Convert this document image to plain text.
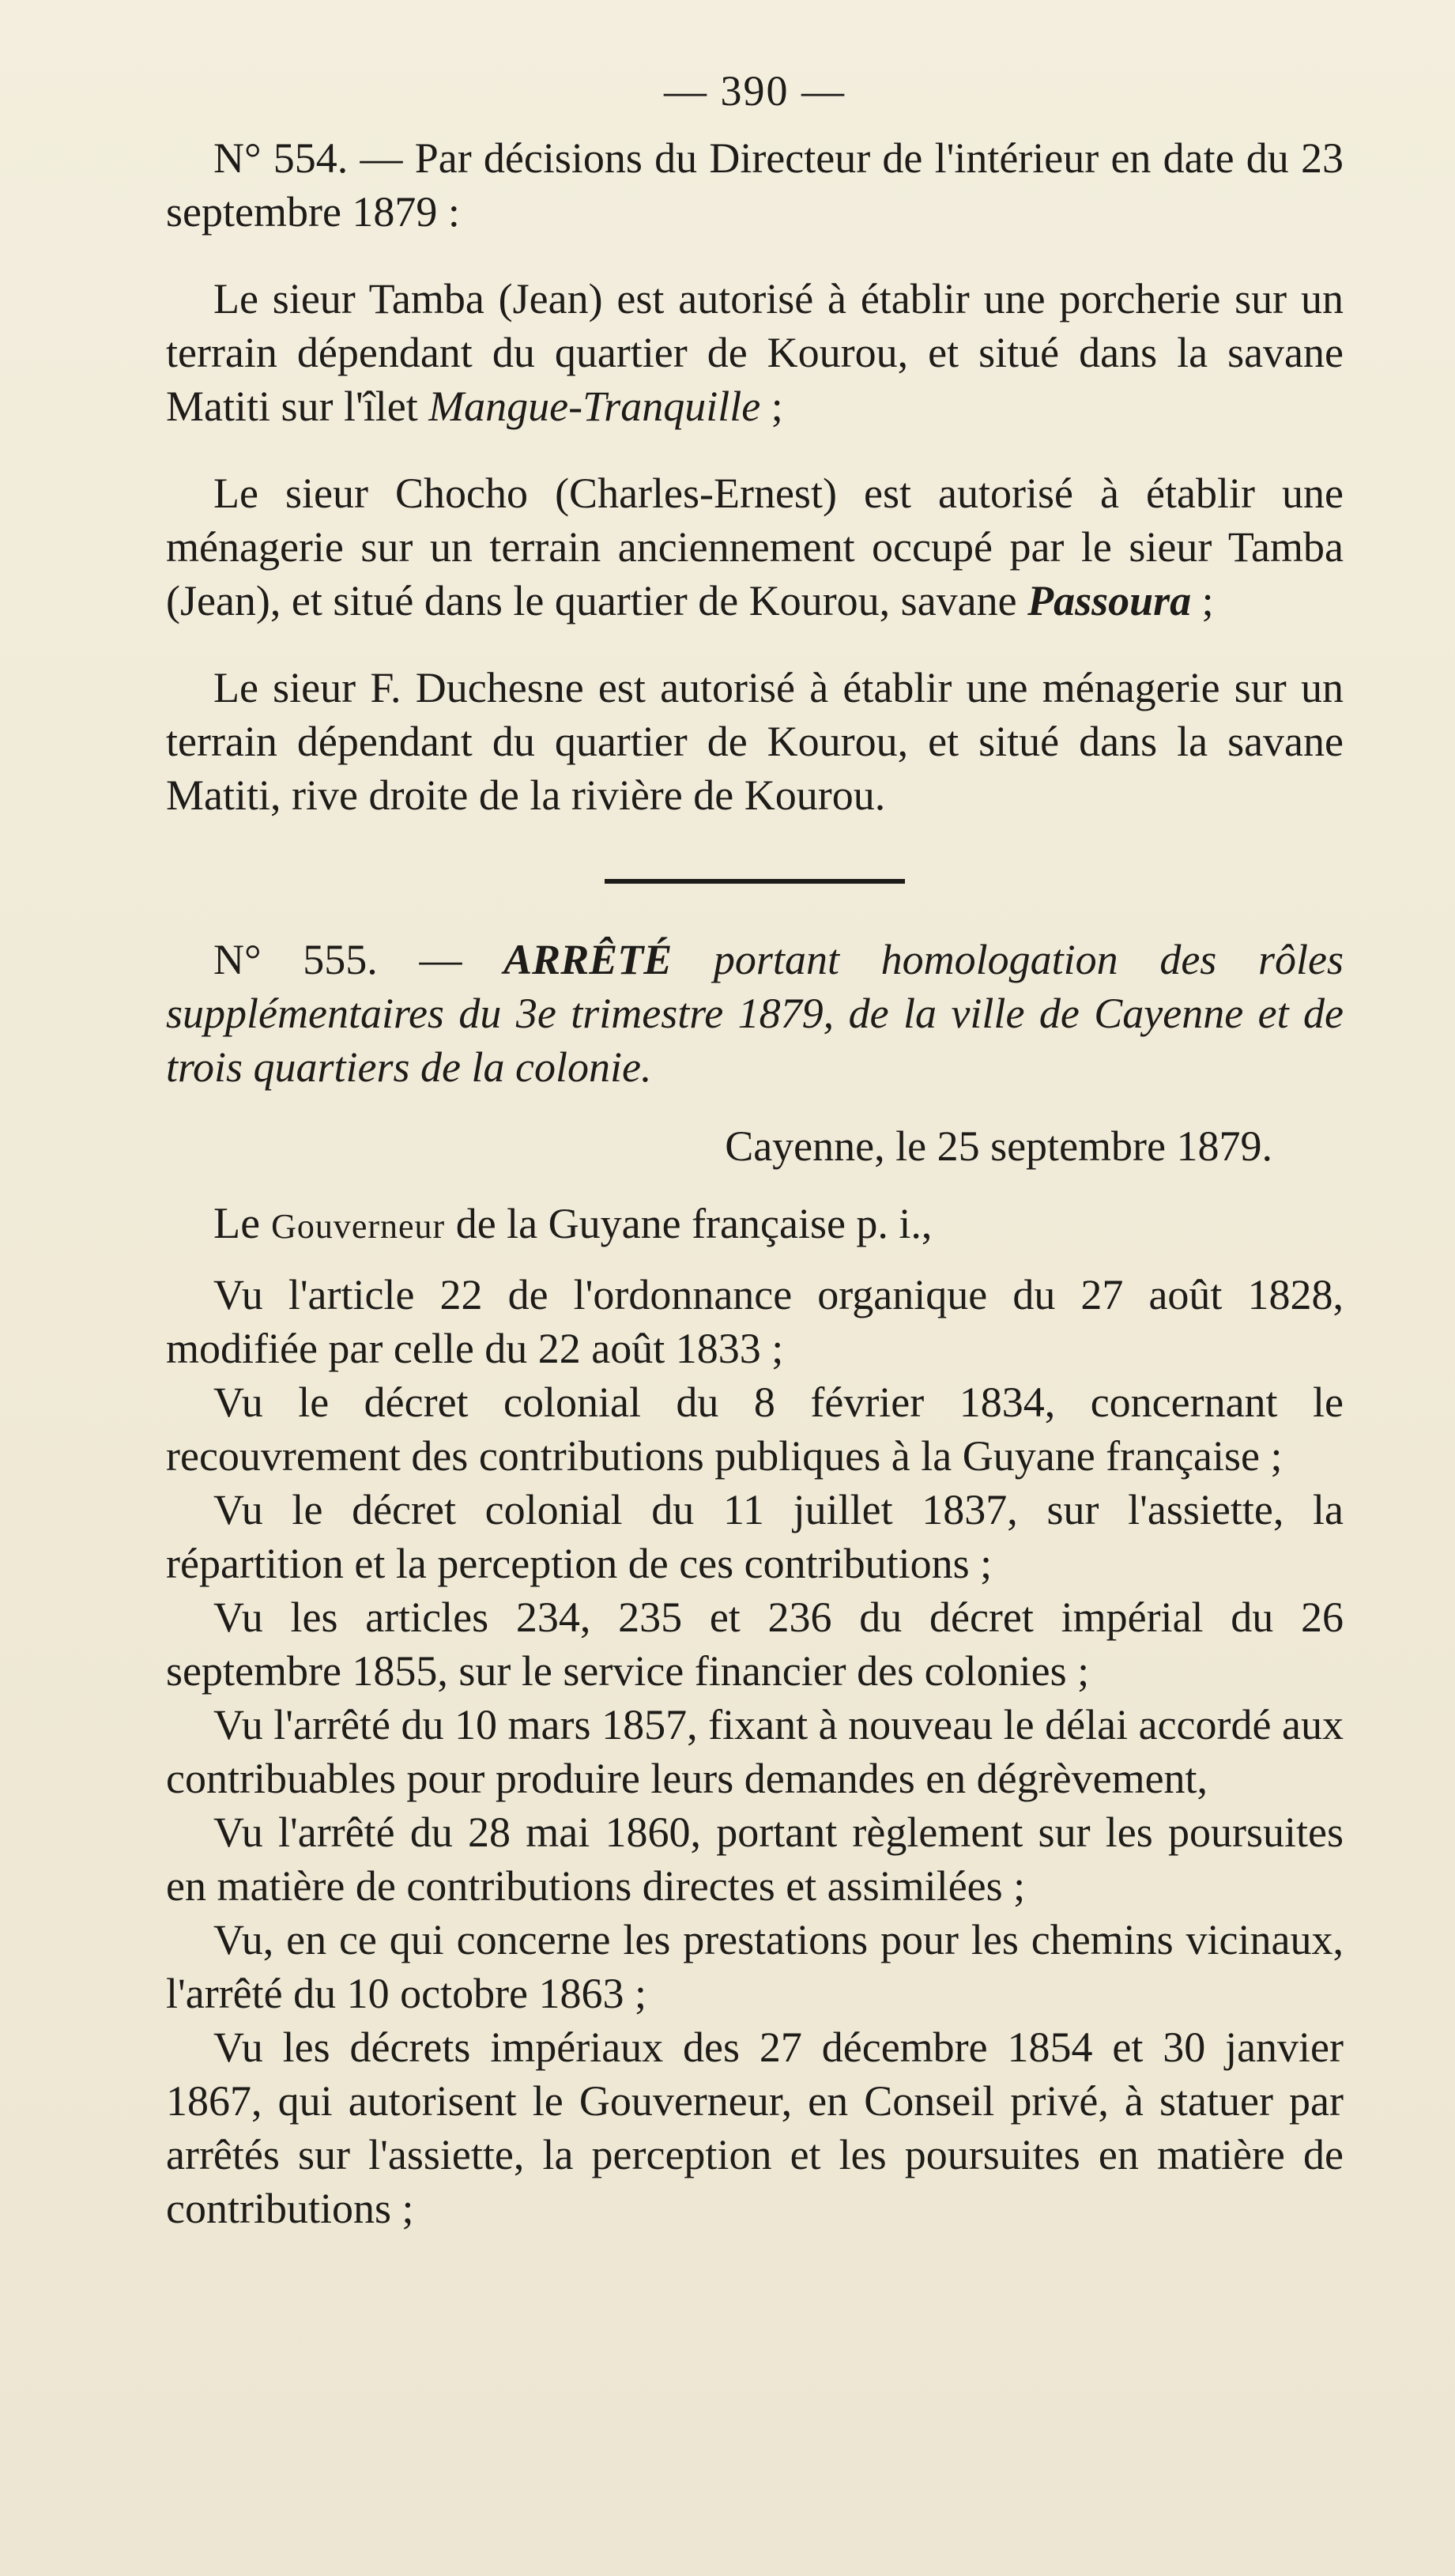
— 390 —

N° 554. — Par décisions du Directeur de l'intérieur en date du 23 septembre 1879 :

Le sieur Tamba (Jean) est autorisé à établir une porcherie sur un terrain dépendant du quartier de Kourou, et situé dans la savane Matiti sur l'îlet Mangue-Tranquille ;

Le sieur Chocho (Charles-Ernest) est autorisé à établir une ménagerie sur un terrain anciennement occupé par le sieur Tamba (Jean), et situé dans le quartier de Kourou, savane Passoura ;

Le sieur F. Duchesne est autorisé à établir une ménagerie sur un terrain dépendant du quartier de Kourou, et situé dans la savane Matiti, rive droite de la rivière de Kourou.

N° 555. — ARRÊTÉ portant homologation des rôles supplémentaires du 3e trimestre 1879, de la ville de Cayenne et de trois quartiers de la colonie.

Cayenne, le 25 septembre 1879.

Le Gouverneur de la Guyane française p. i.,

Vu l'article 22 de l'ordonnance organique du 27 août 1828, modifiée par celle du 22 août 1833 ;

Vu le décret colonial du 8 février 1834, concernant le recouvrement des contributions publiques à la Guyane française ;

Vu le décret colonial du 11 juillet 1837, sur l'assiette, la répartition et la perception de ces contributions ;

Vu les articles 234, 235 et 236 du décret impérial du 26 septembre 1855, sur le service financier des colonies ;

Vu l'arrêté du 10 mars 1857, fixant à nouveau le délai accordé aux contribuables pour produire leurs demandes en dégrèvement,

Vu l'arrêté du 28 mai 1860, portant règlement sur les poursuites en matière de contributions directes et assimilées ;

Vu, en ce qui concerne les prestations pour les chemins vicinaux, l'arrêté du 10 octobre 1863 ;

Vu les décrets impériaux des 27 décembre 1854 et 30 janvier 1867, qui autorisent le Gouverneur, en Conseil privé, à statuer par arrêtés sur l'assiette, la perception et les poursuites en matière de contributions ;
